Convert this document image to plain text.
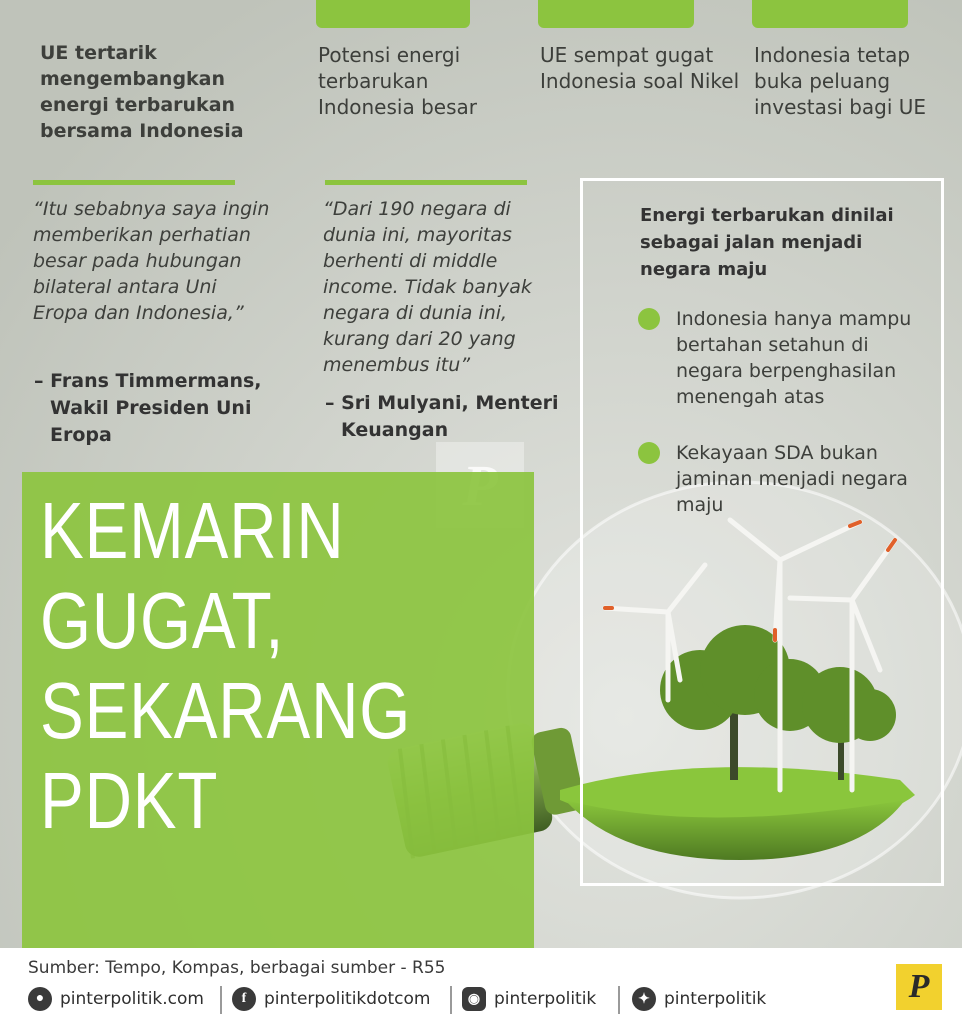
UE tertarik mengembangkan energi terbarukan bersama Indonesia
Potensi energi terbarukan Indonesia besar
UE sempat gugat Indonesia soal Nikel
Indonesia tetap buka peluang investasi bagi UE
“Itu sebabnya saya ingin memberikan perhatian besar pada hubungan bilateral antara Uni Eropa dan Indonesia,”
– Frans Timmermans,
Wakil Presiden Uni Eropa
“Dari 190 negara di dunia ini, mayoritas berhenti di middle income. Tidak banyak negara di dunia ini, kurang dari 20 yang menembus itu”
– Sri Mulyani, Menteri
Keuangan
Energi terbarukan dinilai sebagai jalan menjadi negara maju
Indonesia hanya mampu bertahan setahun di negara berpenghasilan menengah atas
Kekayaan SDA bukan jaminan menjadi negara maju
KEMARIN
GUGAT,
SEKARANG
PDKT
Sumber: Tempo, Kompas, berbagai sumber - R55
● pinterpolitik.com	f	pinterpolitikdotcom	◉ pinterpolitik	✦ pinterpolitik	P
